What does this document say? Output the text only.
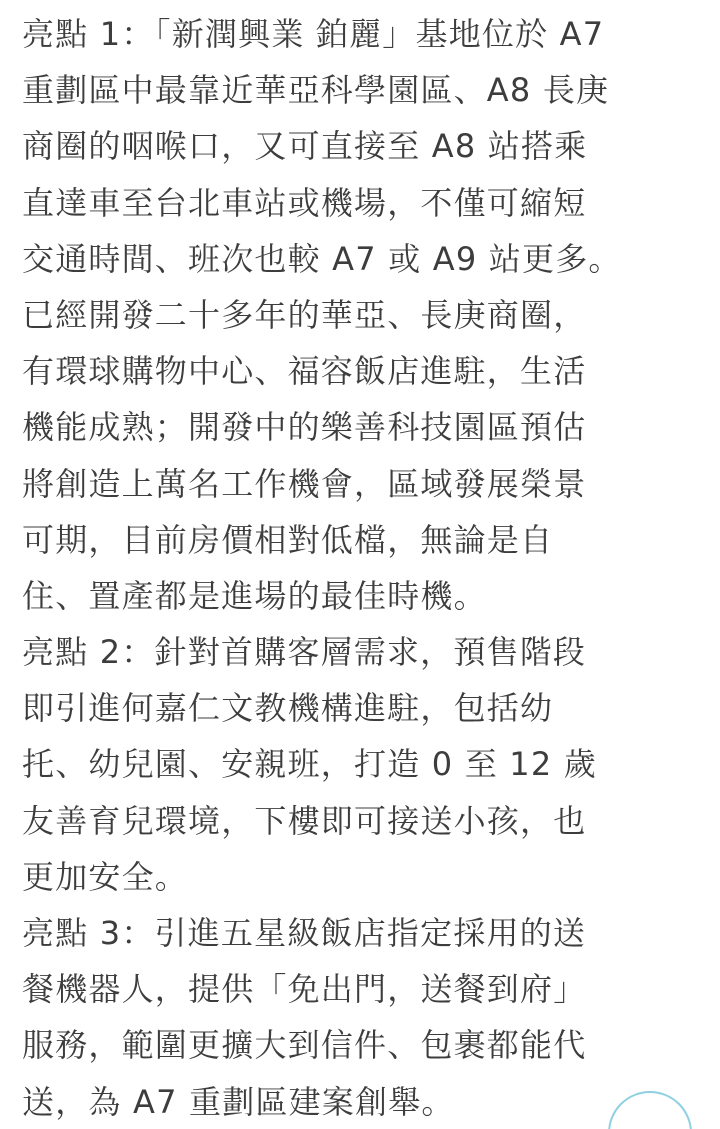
亮點 1：「新潤興業 鉑麗」基地位於 A7
重劃區中最靠近華亞科學園區、A8 長庚
商圈的咽喉口，又可直接至 A8 站搭乘
直達車至台北車站或機場，不僅可縮短
交通時間、班次也較 A7 或 A9 站更多。
已經開發二十多年的華亞、長庚商圈，
有環球購物中心、福容飯店進駐，生活
機能成熟；開發中的樂善科技園區預估
將創造上萬名工作機會，區域發展榮景
可期，目前房價相對低檔，無論是自
住、置產都是進場的最佳時機。
亮點 2：針對首購客層需求，預售階段
即引進何嘉仁文教機構進駐，包括幼
托、幼兒園、安親班，打造 0 至 12 歲
友善育兒環境，下樓即可接送小孩，也
更加安全。
亮點 3：引進五星級飯店指定採用的送
餐機器人，提供「免出門，送餐到府」
服務，範圍更擴大到信件、包裹都能代
送，為 A7 重劃區建案創舉。
